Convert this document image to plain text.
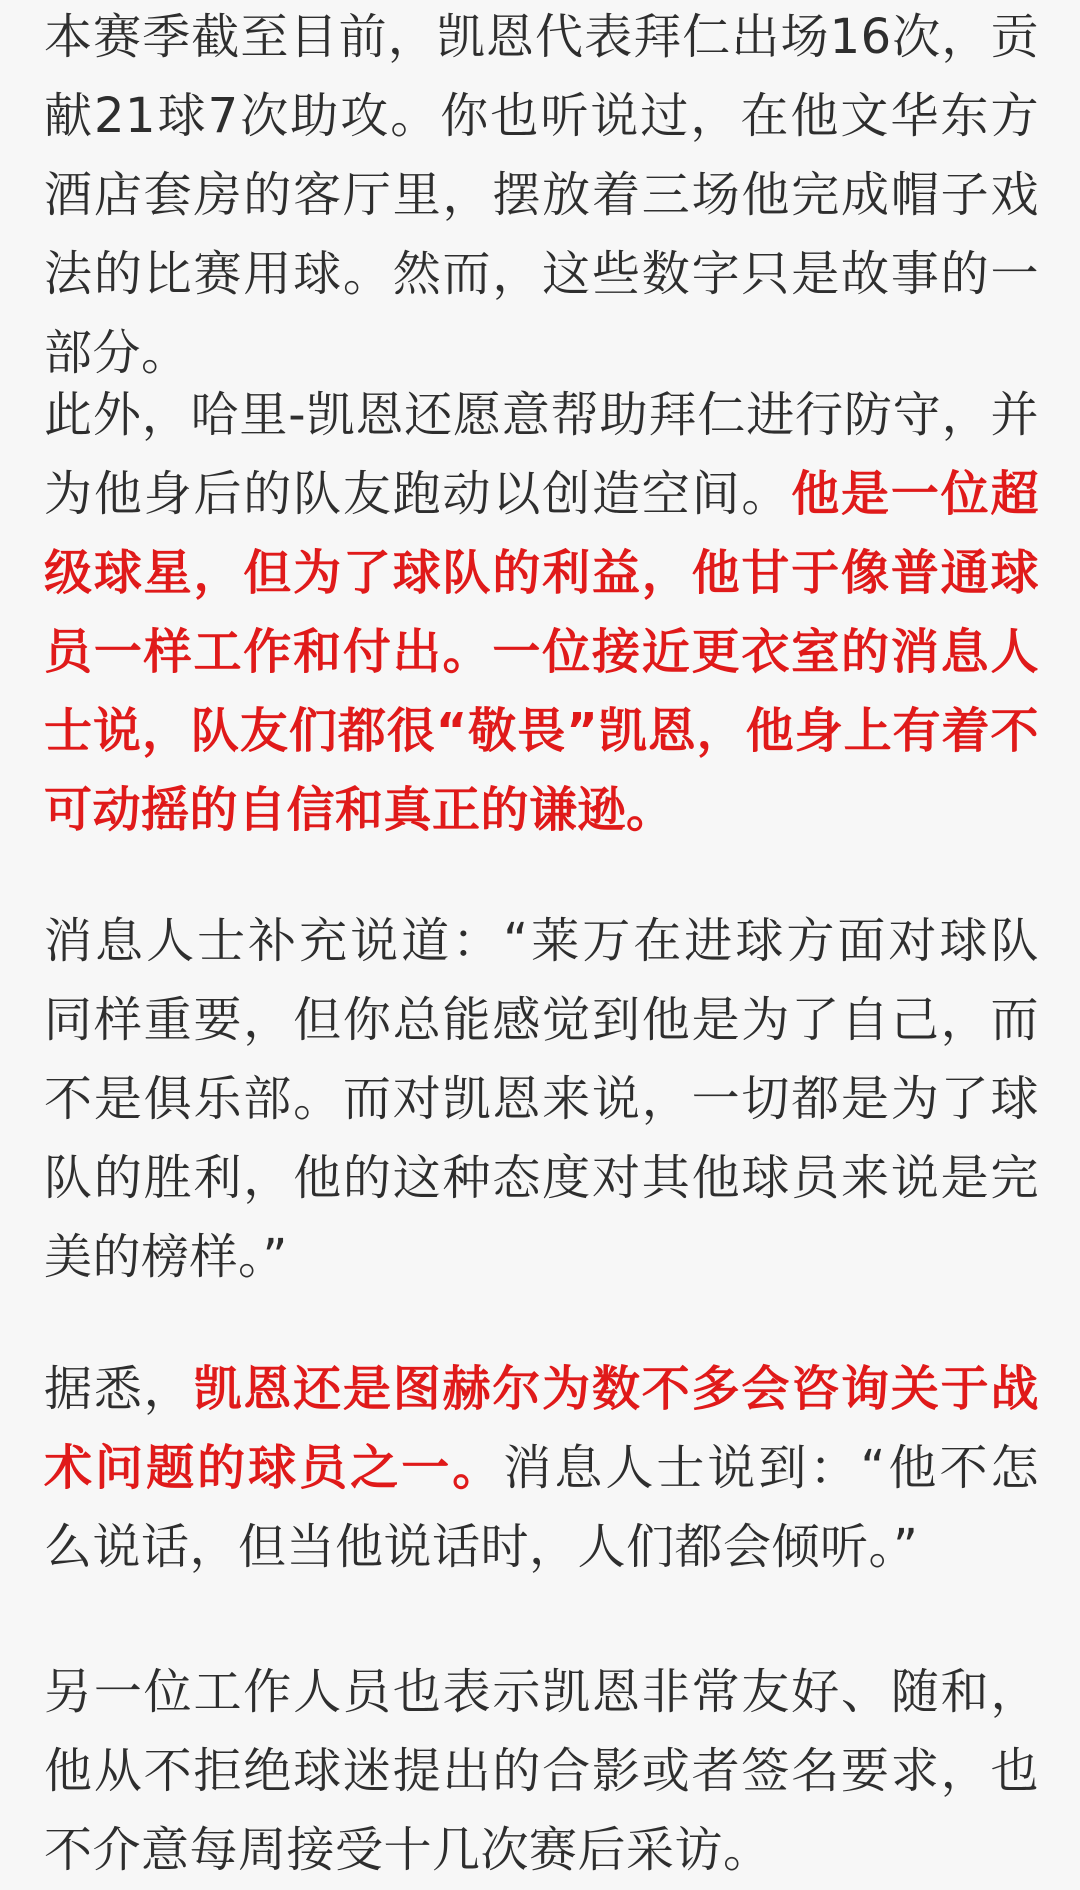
本赛季截至目前，凯恩代表拜仁出场16次，贡献21球7次助攻。你也听说过，在他文华东方酒店套房的客厅里，摆放着三场他完成帽子戏法的比赛用球。然而，这些数字只是故事的一部分。

此外，哈里-凯恩还愿意帮助拜仁进行防守，并为他身后的队友跑动以创造空间。他是一位超级球星，但为了球队的利益，他甘于像普通球员一样工作和付出。一位接近更衣室的消息人士说，队友们都很“敬畏”凯恩，他身上有着不可动摇的自信和真正的谦逊。

消息人士补充说道：“莱万在进球方面对球队同样重要，但你总能感觉到他是为了自己，而不是俱乐部。而对凯恩来说，一切都是为了球队的胜利，他的这种态度对其他球员来说是完美的榜样。”

据悉，凯恩还是图赫尔为数不多会咨询关于战术问题的球员之一。消息人士说到：“他不怎么说话，但当他说话时，人们都会倾听。”

另一位工作人员也表示凯恩非常友好、随和，他从不拒绝球迷提出的合影或者签名要求，也不介意每周接受十几次赛后采访。
